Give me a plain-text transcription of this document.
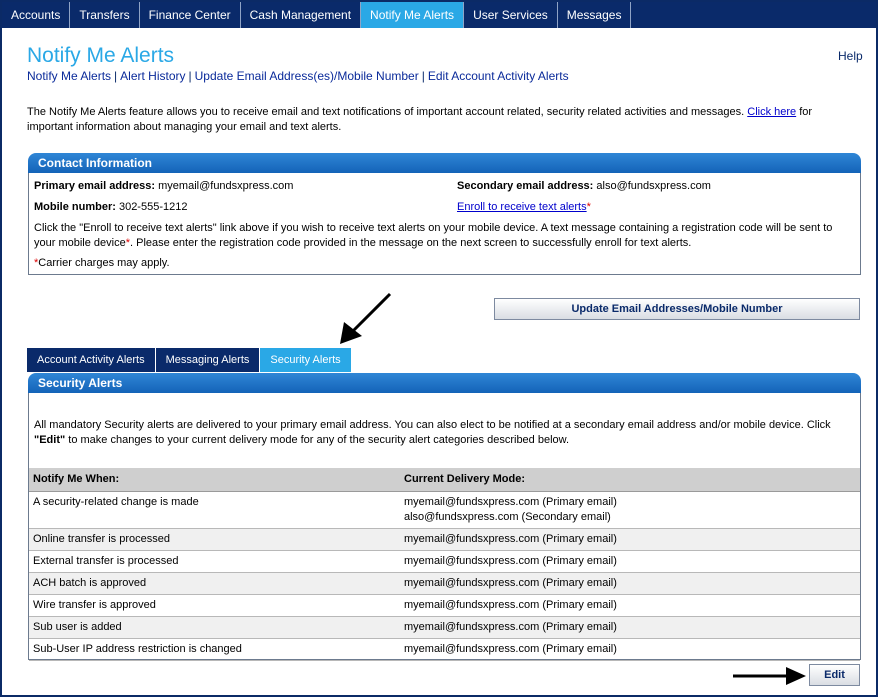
Accounts	Transfers	Finance Center	Cash Management	Notify Me Alerts	User Services	Messages
Notify Me Alerts	Help
Notify Me Alerts | Alert History | Update Email Address(es)/Mobile Number | Edit Account Activity Alerts
The Notify Me Alerts feature allows you to receive email and text notifications of important account related, security related activities and messages. Click here for important information about managing your email and text alerts.
Contact Information
Primary email address: myemail@fundsxpress.com	Secondary email address: also@fundsxpress.com
Mobile number: 302-555-1212	Enroll to receive text alerts*
Click the "Enroll to receive text alerts" link above if you wish to receive text alerts on your mobile device. A text message containing a registration code will be sent to your mobile device*. Please enter the registration code provided in the message on the next screen to successfully enroll for text alerts.
*Carrier charges may apply.
Update Email Addresses/Mobile Number
Account Activity Alerts	Messaging Alerts	Security Alerts
Security Alerts
All mandatory Security alerts are delivered to your primary email address. You can also elect to be notified at a secondary email address and/or mobile device. Click "Edit" to make changes to your current delivery mode for any of the security alert categories described below.
Notify Me When:	Current Delivery Mode:
A security-related change is made	myemail@fundsxpress.com (Primary email)
also@fundsxpress.com (Secondary email)

Online transfer is processed	myemail@fundsxpress.com (Primary email)
External transfer is processed	myemail@fundsxpress.com (Primary email)
ACH batch is approved	myemail@fundsxpress.com (Primary email)
Wire transfer is approved	myemail@fundsxpress.com (Primary email)
Sub user is added	myemail@fundsxpress.com (Primary email)
Sub-User IP address restriction is changed	myemail@fundsxpress.com (Primary email)
Edit
